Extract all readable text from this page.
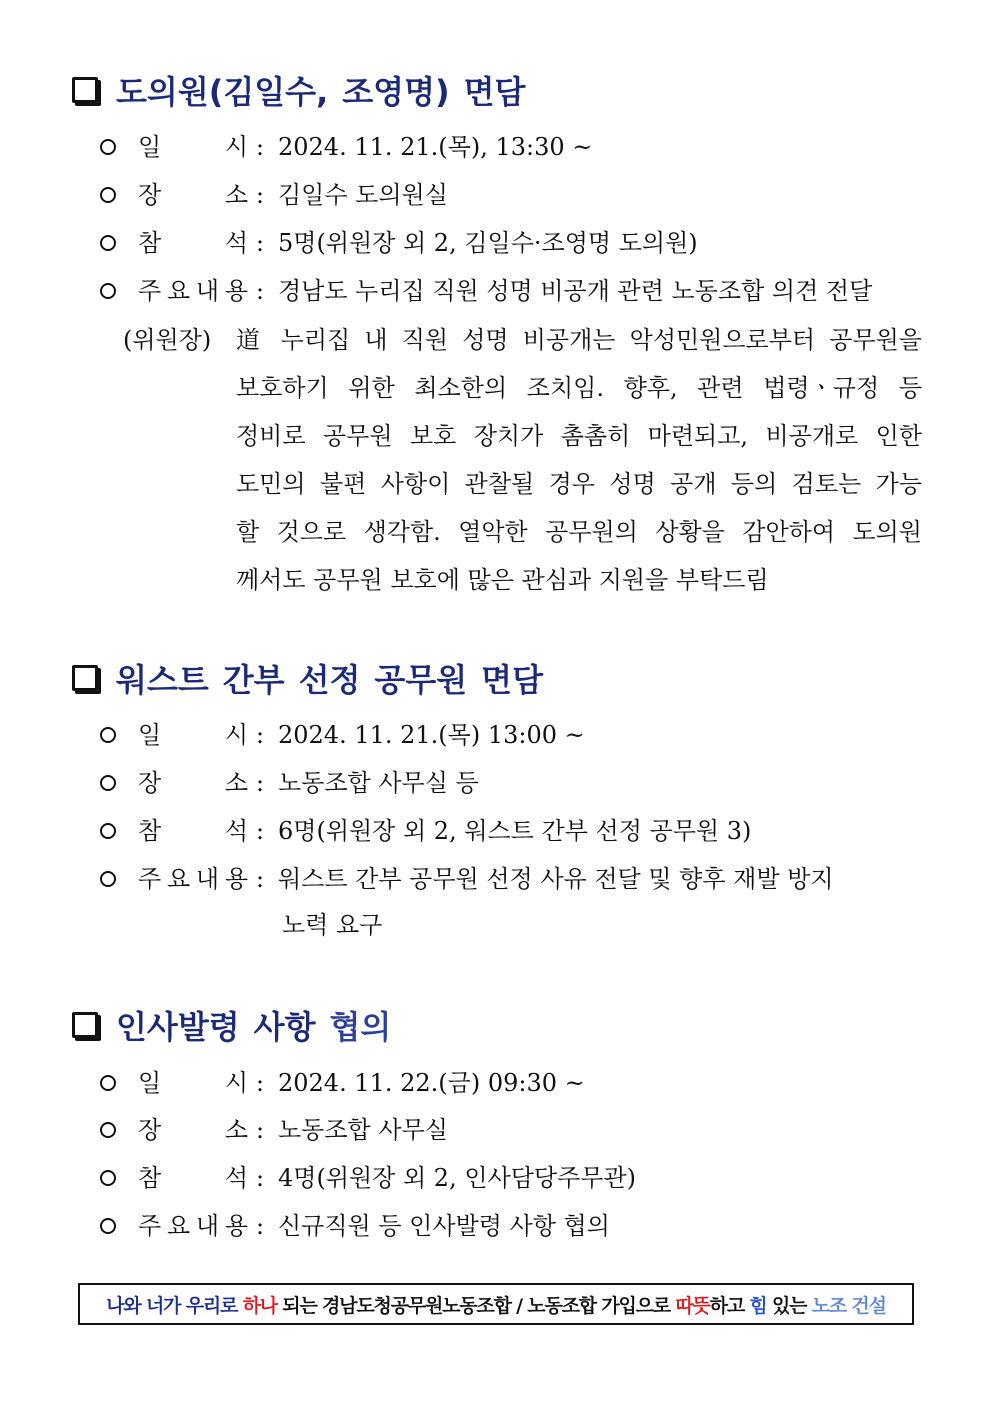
도의원(김일수, 조영명) 면담
일	시 : 2024. 11. 21.(목), 13:30 ~
장	소 : 김일수 도의원실
참	석 : 5명(위원장 외 2, 김일수·조영명 도의원)
주 요 내 용 : 경남도 누리집 직원 성명 비공개 관련 노동조합 의견 전달
(위원장) 道 누리집 내 직원 성명 비공개는 악성민원으로부터 공무원을
보호하기 위한 최소한의 조치임. 향후, 관련 법령ㆍ규정 등
정비로 공무원 보호 장치가 촘촘히 마련되고, 비공개로 인한
도민의 불편 사항이 관찰될 경우 성명 공개 등의 검토는 가능
할 것으로 생각함. 열악한 공무원의 상황을 감안하여 도의원
께서도 공무원 보호에 많은 관심과 지원을 부탁드림
워스트 간부 선정 공무원 면담
일	시 : 2024. 11. 21.(목) 13:00 ~
장	소 : 노동조합 사무실 등
참	석 : 6명(위원장 외 2, 워스트 간부 선정 공무원 3)
주 요 내 용 : 워스트 간부 공무원 선정 사유 전달 및 향후 재발 방지
노력 요구
인사발령 사항 협의
일	시 : 2024. 11. 22.(금) 09:30 ~
장	소 : 노동조합 사무실
참	석 : 4명(위원장 외 2, 인사담당주무관)
주 요 내 용 : 신규직원 등 인사발령 사항 협의
나와 너가 우리로 하나 되는 경남도청공무원노동조합 / 노동조합 가입으로 따뜻 하고 힘 있는 노조 건설
